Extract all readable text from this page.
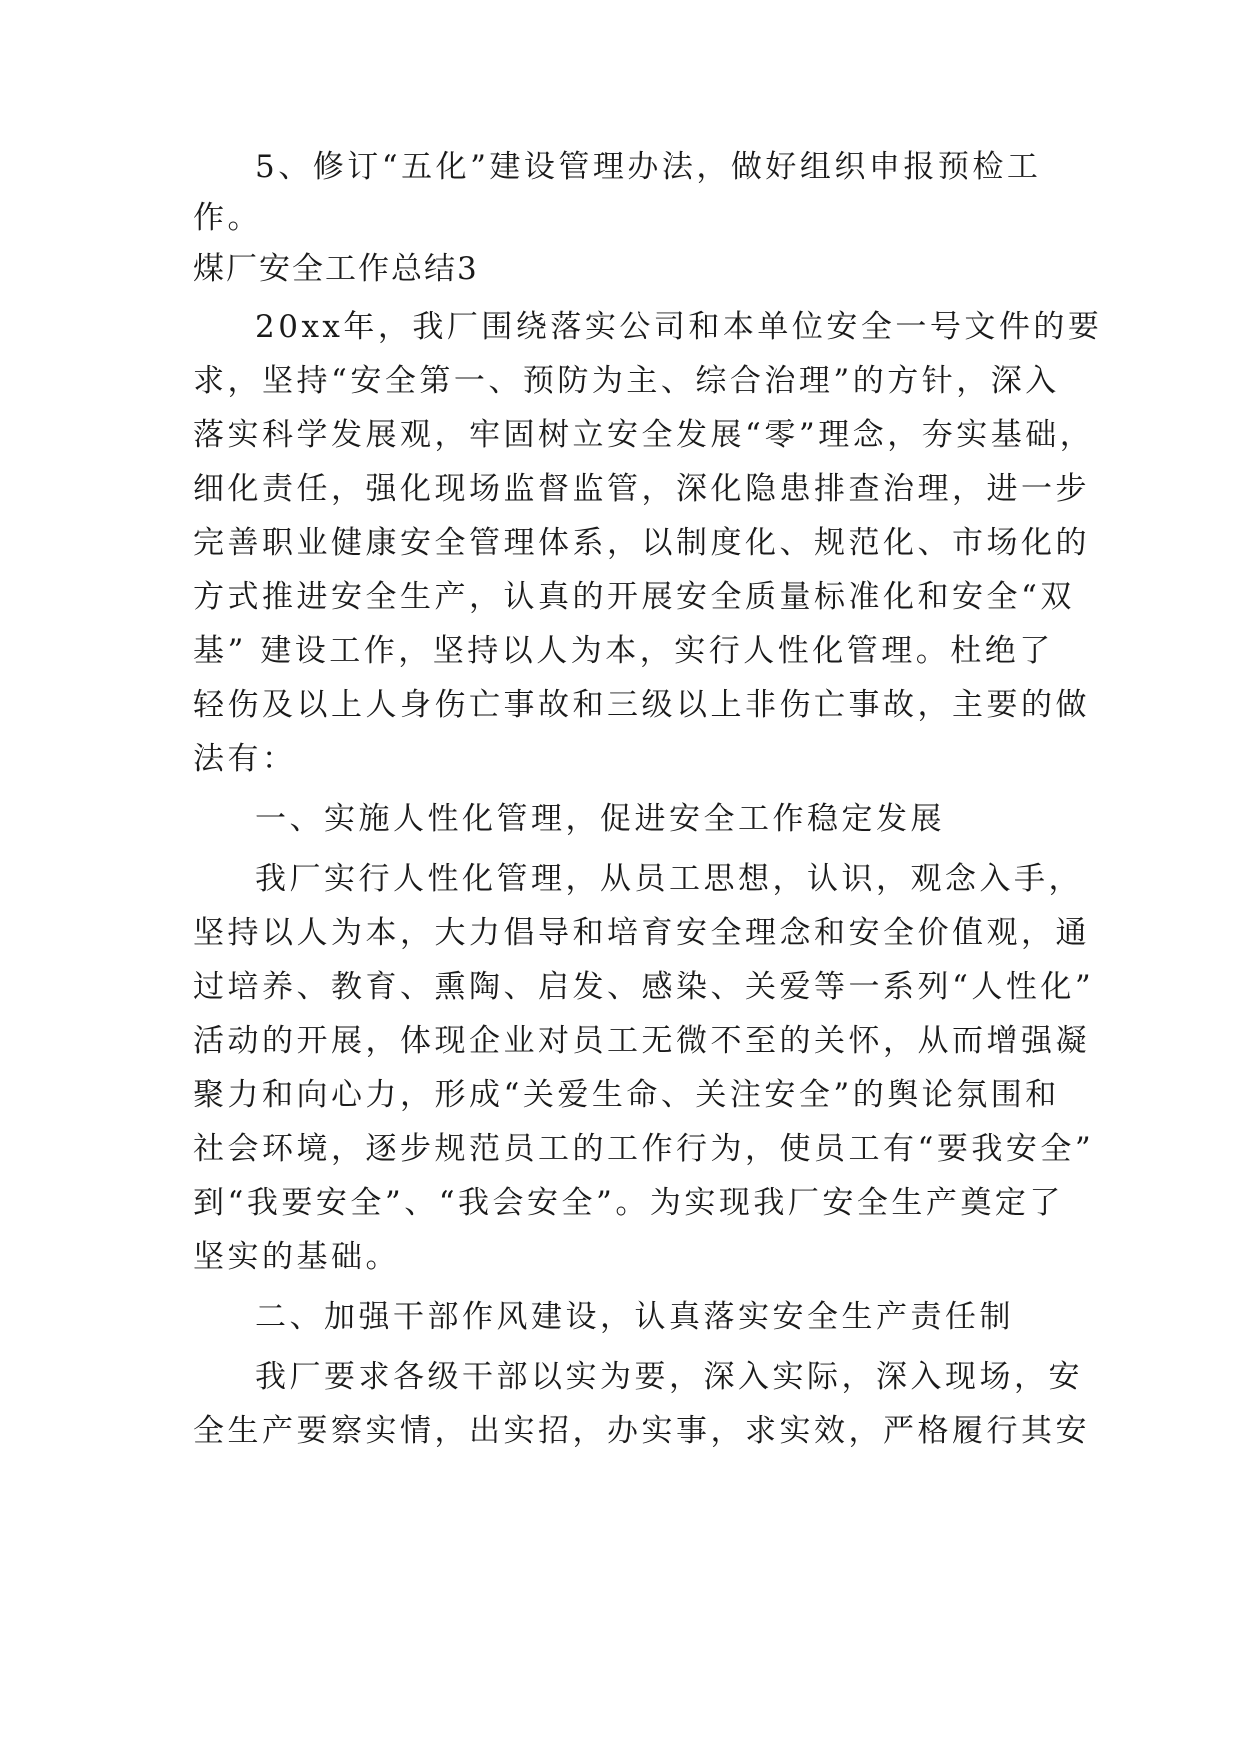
5、修订“五化”建设管理办法，做好组织申报预检工
作。
煤厂安全工作总结3
20xx年，我厂围绕落实公司和本单位安全一号文件的要
求，坚持“安全第一、预防为主、综合治理”的方针，深入
落实科学发展观，牢固树立安全发展“零”理念，夯实基础，
细化责任，强化现场监督监管，深化隐患排查治理，进一步
完善职业健康安全管理体系，以制度化、规范化、市场化的
方式推进安全生产，认真的开展安全质量标准化和安全“双
基” 建设工作，坚持以人为本，实行人性化管理。杜绝了
轻伤及以上人身伤亡事故和三级以上非伤亡事故，主要的做
法有：
一、实施人性化管理，促进安全工作稳定发展
我厂实行人性化管理，从员工思想，认识，观念入手，
坚持以人为本，大力倡导和培育安全理念和安全价值观，通
过培养、教育、熏陶、启发、感染、关爱等一系列“人性化”
活动的开展，体现企业对员工无微不至的关怀，从而增强凝
聚力和向心力，形成“关爱生命、关注安全”的舆论氛围和
社会环境，逐步规范员工的工作行为，使员工有“要我安全”
到“我要安全”、“我会安全”。为实现我厂安全生产奠定了
坚实的基础。
二、加强干部作风建设，认真落实安全生产责任制
我厂要求各级干部以实为要，深入实际，深入现场，安
全生产要察实情，出实招，办实事，求实效，严格履行其安
